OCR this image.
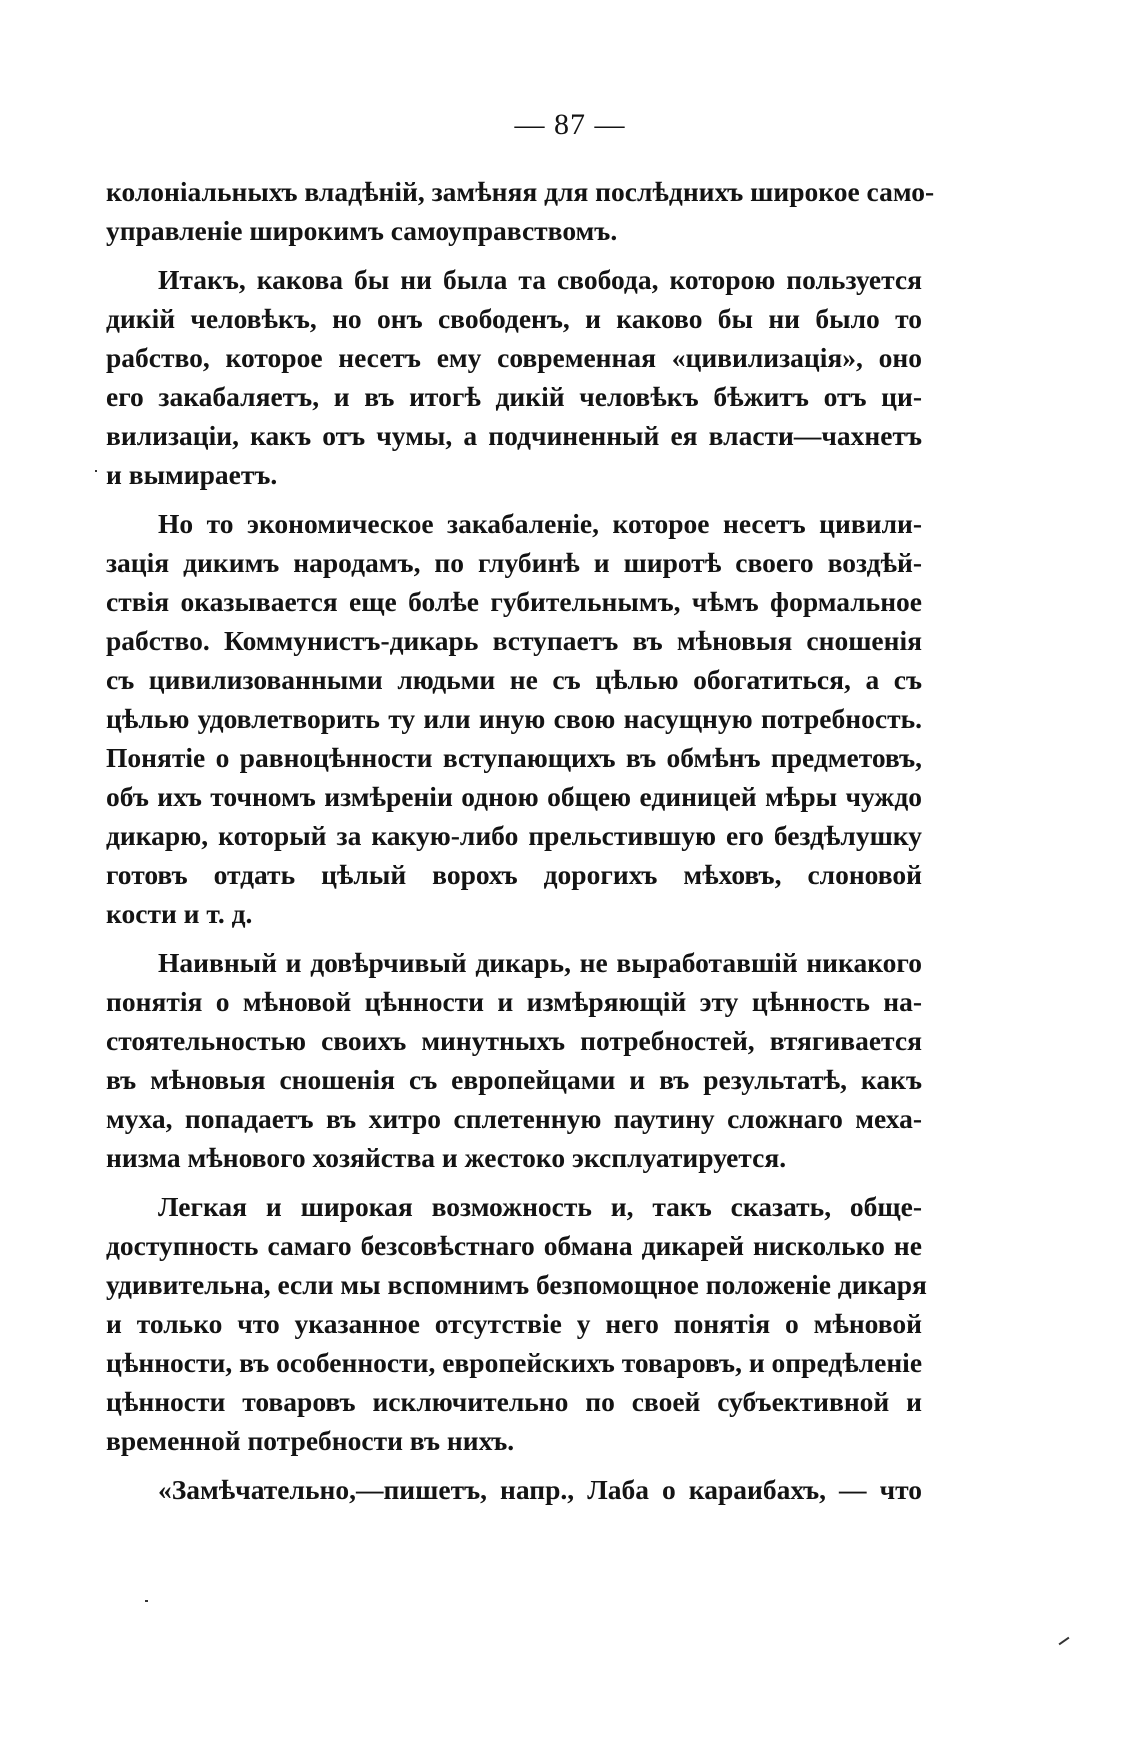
— 87 —
колоніальныхъ владѣній, замѣняя для послѣднихъ широкое само-
управленіе широкимъ самоуправствомъ.
Итакъ, какова бы ни была та свобода, которою пользуется
дикій человѣкъ, но онъ свободенъ, и каково бы ни было то
рабство, которое несетъ ему современная «цивилизація», оно
его закабаляетъ, и въ итогѣ дикій человѣкъ бѣжитъ отъ ци-
вилизаціи, какъ отъ чумы, а подчиненный ея власти—чахнетъ
и вымираетъ.
Но то экономическое закабаленіе, которое несетъ цивили-
зація дикимъ народамъ, по глубинѣ и широтѣ своего воздѣй-
ствія оказывается еще болѣе губительнымъ, чѣмъ формальное
рабство. Коммунистъ-дикарь вступаетъ въ мѣновыя сношенія
съ цивилизованными людьми не съ цѣлью обогатиться, а съ
цѣлью удовлетворить ту или иную свою насущную потребность.
Понятіе о равноцѣнности вступающихъ въ обмѣнъ предметовъ,
объ ихъ точномъ измѣреніи одною общею единицей мѣры чуждо
дикарю, который за какую-либо прельстившую его бездѣлушку
готовъ отдать цѣлый ворохъ дорогихъ мѣховъ, слоновой
кости и т. д.
Наивный и довѣрчивый дикарь, не выработавшій никакого
понятія о мѣновой цѣнности и измѣряющій эту цѣнность на-
стоятельностью своихъ минутныхъ потребностей, втягивается
въ мѣновыя сношенія съ европейцами и въ результатѣ, какъ
муха, попадаетъ въ хитро сплетенную паутину сложнаго меха-
низма мѣнового хозяйства и жестоко эксплуатируется.
Легкая и широкая возможность и, такъ сказать, обще-
доступность самаго безсовѣстнаго обмана дикарей нисколько не
удивительна, если мы вспомнимъ безпомощное положеніе дикаря
и только что указанное отсутствіе у него понятія о мѣновой
цѣнности, въ особенности, европейскихъ товаровъ, и опредѣленіе
цѣнности товаровъ исключительно по своей субъективной и
временной потребности въ нихъ.
«Замѣчательно,—пишетъ, напр., Лаба о караибахъ, — что
